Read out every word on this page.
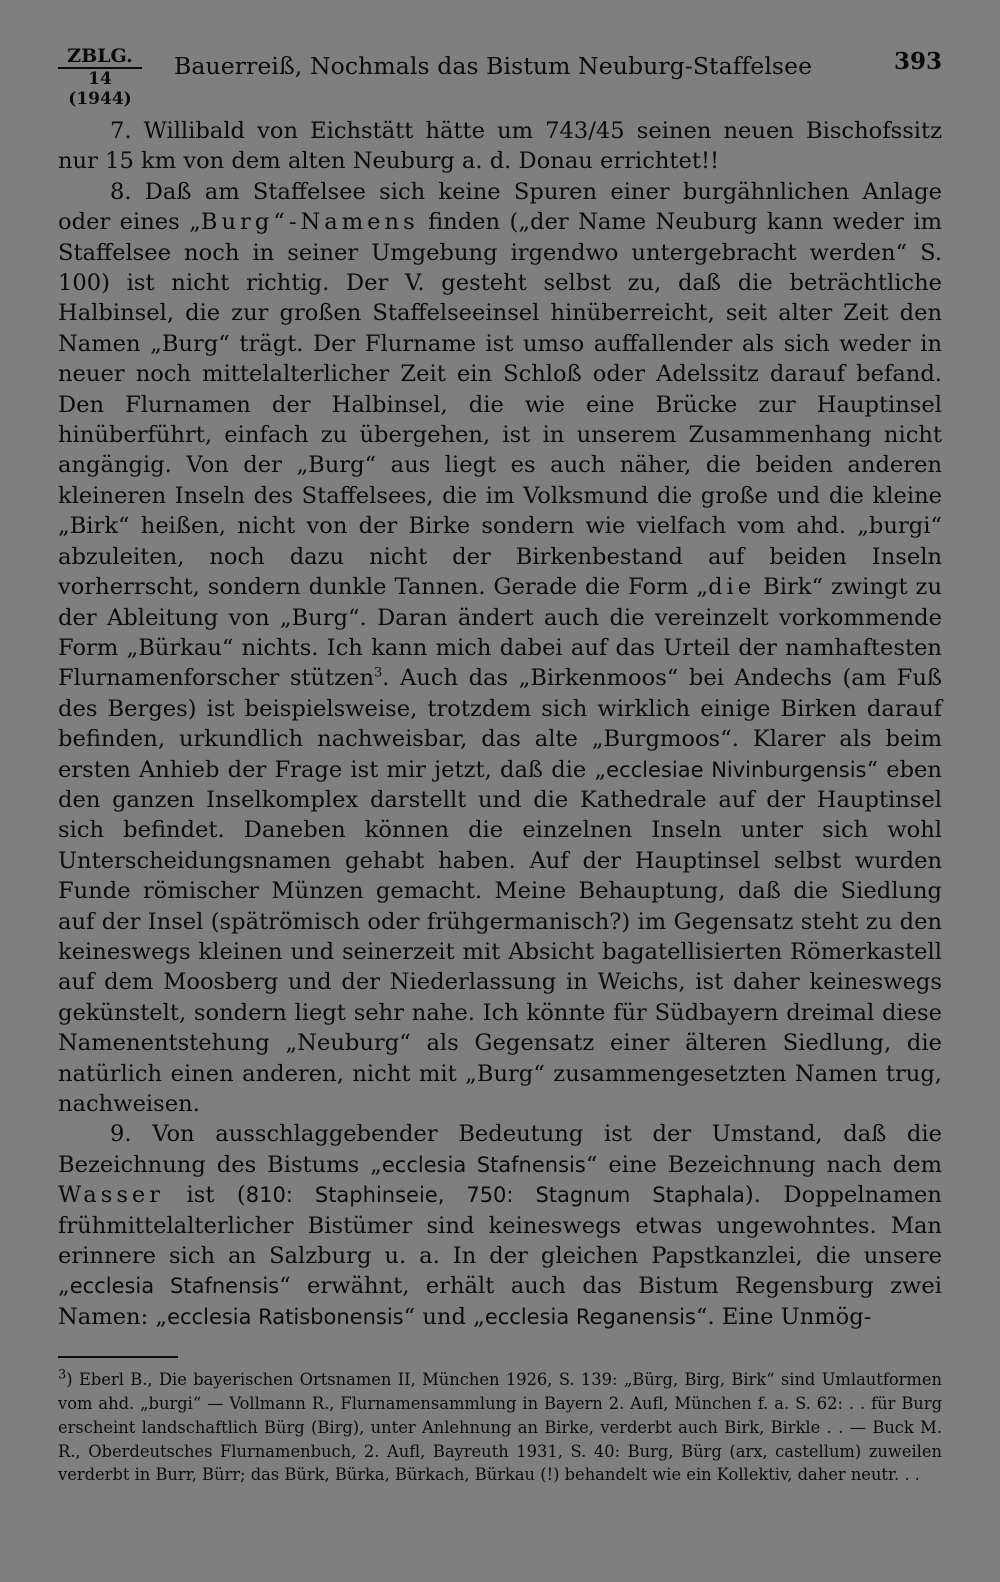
ZBLG.
14 (1944)
Bauerreiß, Nochmals das Bistum Neuburg-Staffelsee	393

7. Willibald von Eichstätt hätte um 743/45 seinen neuen Bischofssitz nur 15 km von dem alten Neuburg a. d. Donau errichtet!!

8. Daß am Staffelsee sich keine Spuren einer burgähnlichen Anlage oder eines „Burg“-Namens finden („der Name Neuburg kann weder im Staffelsee noch in seiner Umgebung irgendwo untergebracht werden“ S. 100) ist nicht richtig. Der V. gesteht selbst zu, daß die beträchtliche Halbinsel, die zur großen Staffelseeinsel hinüberreicht, seit alter Zeit den Namen „Burg“ trägt. Der Flurname ist umso auffallender als sich weder in neuer noch mittelalterlicher Zeit ein Schloß oder Adelssitz darauf befand. Den Flurnamen der Halbinsel, die wie eine Brücke zur Hauptinsel hinüberführt, einfach zu übergehen, ist in unserem Zusammenhang nicht angängig. Von der „Burg“ aus liegt es auch näher, die beiden anderen kleineren Inseln des Staffelsees, die im Volksmund die große und die kleine „Birk“ heißen, nicht von der Birke sondern wie vielfach vom ahd. „burgi“ abzuleiten, noch dazu nicht der Birkenbestand auf beiden Inseln vorherrscht, sondern dunkle Tannen. Gerade die Form „die Birk“ zwingt zu der Ableitung von „Burg“. Daran ändert auch die vereinzelt vorkommende Form „Bürkau“ nichts. Ich kann mich dabei auf das Urteil der namhaftesten Flurnamenforscher stützen$^3$. Auch das „Birkenmoos“ bei Andechs (am Fuß des Berges) ist beispielsweise, trotzdem sich wirklich einige Birken darauf befinden, urkundlich nachweisbar, das alte „Burgmoos“. Klarer als beim ersten Anhieb der Frage ist mir jetzt, daß die „ecclesiae Nivinburgensis“ eben den ganzen Inselkomplex darstellt und die Kathedrale auf der Hauptinsel sich befindet. Daneben können die einzelnen Inseln unter sich wohl Unterscheidungsnamen gehabt haben. Auf der Hauptinsel selbst wurden Funde römischer Münzen gemacht. Meine Behauptung, daß die Siedlung auf der Insel (spätrömisch oder frühgermanisch?) im Gegensatz steht zu den keineswegs kleinen und seinerzeit mit Absicht bagatellisierten Römerkastell auf dem Moosberg und der Niederlassung in Weichs, ist daher keineswegs gekünstelt, sondern liegt sehr nahe. Ich könnte für Südbayern dreimal diese Namenentstehung „Neuburg“ als Gegensatz einer älteren Siedlung, die natürlich einen anderen, nicht mit „Burg“ zusammengesetzten Namen trug, nachweisen.

9. Von ausschlaggebender Bedeutung ist der Umstand, daß die Bezeichnung des Bistums „ecclesia Stafnensis“ eine Bezeichnung nach dem Wasser ist (810: Staphinseie, 750: Stagnum Staphala). Doppelnamen frühmittelalterlicher Bistümer sind keineswegs etwas ungewohntes. Man erinnere sich an Salzburg u. a. In der gleichen Papstkanzlei, die unsere „ecclesia Stafnensis“ erwähnt, erhält auch das Bistum Regensburg zwei Namen: „ecclesia Ratisbonensis“ und „ecclesia Reganensis“. Eine Unmög-

$^3$) Eberl B., Die bayerischen Ortsnamen II, München 1926, S. 139: „Bürg, Birg, Birk“ sind Umlautformen vom ahd. „burgi“ — Vollmann R., Flurnamensammlung in Bayern 2. Aufl, München f. a. S. 62: . . für Burg erscheint landschaftlich Bürg (Birg), unter Anlehnung an Birke, verderbt auch Birk, Birkle . . — Buck M. R., Oberdeutsches Flurnamenbuch, 2. Aufl, Bayreuth 1931, S. 40: Burg, Bürg (arx, castellum) zuweilen verderbt in Burr, Bürr; das Bürk, Bürka, Bürkach, Bürkau (!) behandelt wie ein Kollektiv, daher neutr. . .
